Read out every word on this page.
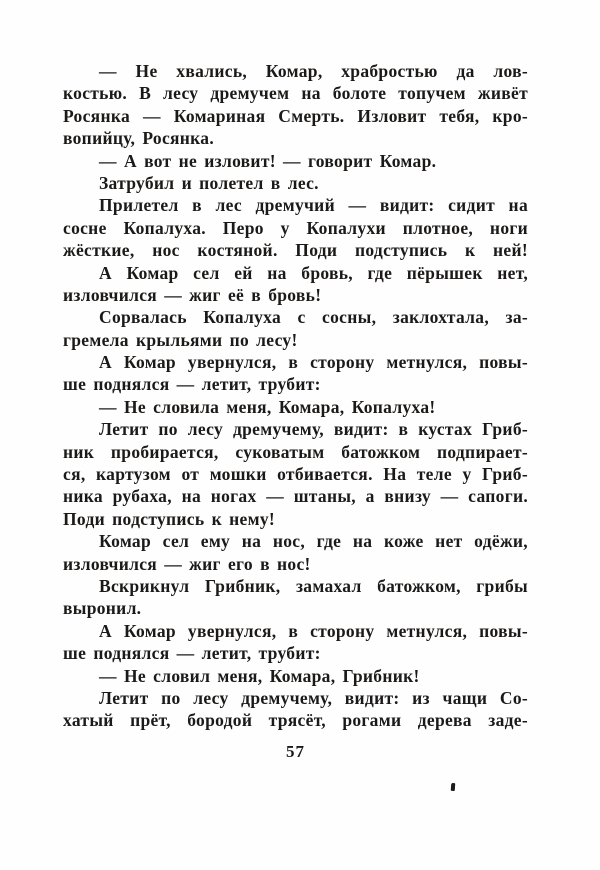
— Не хвались, Комар, храбростью да лов-
костью. В лесу дремучем на болоте топучем живёт
Росянка — Комариная Смерть. Изловит тебя, кро-
вопийцу, Росянка.
— А вот не изловит! — говорит Комар.
Затрубил и полетел в лес.
Прилетел в лес дремучий — видит: сидит на
сосне Копалуха. Перо у Копалухи плотное, ноги
жёсткие, нос костяной. Поди подступись к ней!
А Комар сел ей на бровь, где пёрышек нет,
изловчился — жиг её в бровь!
Сорвалась Копалуха с сосны, заклохтала, за-
гремела крыльями по лесу!
А Комар увернулся, в сторону метнулся, повы-
ше поднялся — летит, трубит:
— Не словила меня, Комара, Копалуха!
Летит по лесу дремучему, видит: в кустах Гриб-
ник пробирается, суковатым батожком подпирает-
ся, картузом от мошки отбивается. На теле у Гриб-
ника рубаха, на ногах — штаны, а внизу — сапоги.
Поди подступись к нему!
Комар сел ему на нос, где на коже нет одёжи,
изловчился — жиг его в нос!
Вскрикнул Грибник, замахал батожком, грибы
выронил.
А Комар увернулся, в сторону метнулся, повы-
ше поднялся — летит, трубит:
— Не словил меня, Комара, Грибник!
Летит по лесу дремучему, видит: из чащи Со-
хатый прёт, бородой трясёт, рогами дерева заде-
57
